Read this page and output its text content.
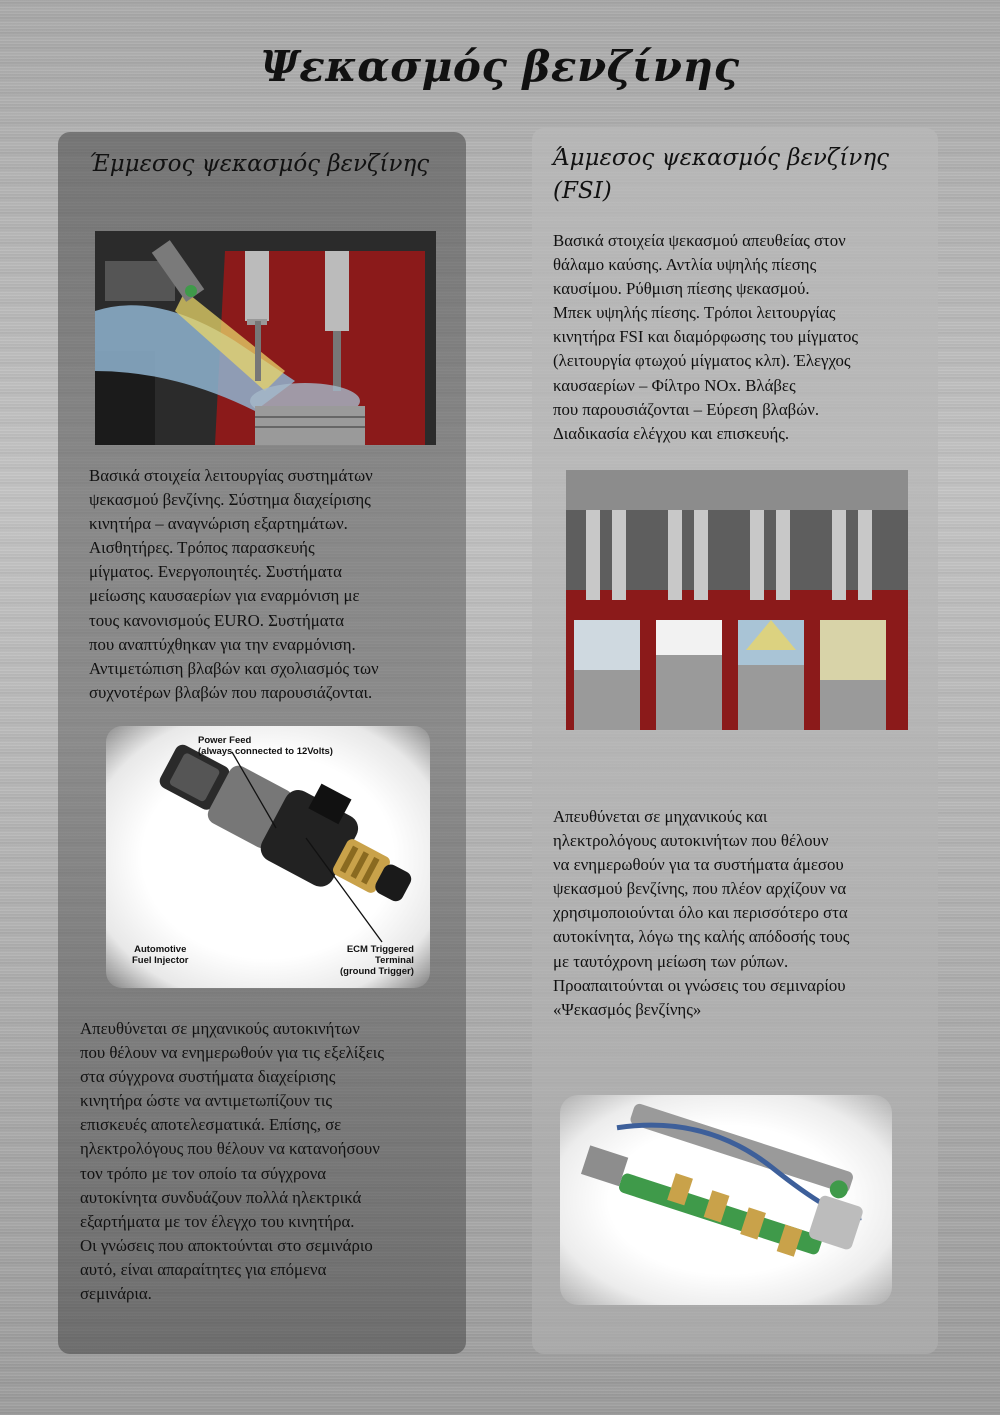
Ψεκασμός βενζίνης
Έμμεσος ψεκασμός βενζίνης

Βασικά στοιχεία λειτουργίας συστημάτων
ψεκασμού βενζίνης. Σύστημα διαχείρισης
κινητήρα – αναγνώριση εξαρτημάτων.
Αισθητήρες. Τρόπος παρασκευής
μίγματος. Ενεργοποιητές. Συστήματα
μείωσης καυσαερίων για εναρμόνιση με
τους κανονισμούς EURO. Συστήματα
που αναπτύχθηκαν για την εναρμόνιση.
Αντιμετώπιση βλαβών και σχολιασμός των
συχνοτέρων βλαβών που παρουσιάζονται.

Power Feed
(always connected to 12Volts)

Automotive
Fuel Injector

ECM Triggered
Terminal
(ground Trigger)

Απευθύνεται σε μηχανικούς αυτοκινήτων
που θέλουν να ενημερωθούν για τις εξελίξεις
στα σύγχρονα συστήματα διαχείρισης
κινητήρα ώστε να αντιμετωπίζουν τις
επισκευές αποτελεσματικά. Επίσης, σε
ηλεκτρολόγους που θέλουν να κατανοήσουν
τον τρόπο με τον οποίο τα σύγχρονα
αυτοκίνητα συνδυάζουν πολλά ηλεκτρικά
εξαρτήματα με τον έλεγχο του κινητήρα.
Οι γνώσεις που αποκτούνται στο σεμινάριο
αυτό, είναι απαραίτητες για επόμενα
σεμινάρια.

Άμμεσος ψεκασμός βενζίνης
(FSI)

Βασικά στοιχεία ψεκασμού απευθείας στον
θάλαμο καύσης. Αντλία υψηλής πίεσης
καυσίμου. Ρύθμιση πίεσης ψεκασμού.
Μπεκ υψηλής πίεσης. Τρόποι λειτουργίας
κινητήρα FSI και διαμόρφωσης του μίγματος
(λειτουργία φτωχού μίγματος κλπ). Έλεγχος
καυσαερίων – Φίλτρο NOx. Βλάβες
που παρουσιάζονται – Εύρεση βλαβών.
Διαδικασία ελέγχου και επισκευής.

Απευθύνεται σε μηχανικούς και
ηλεκτρολόγους αυτοκινήτων που θέλουν
να ενημερωθούν για τα συστήματα άμεσου
ψεκασμού βενζίνης, που πλέον αρχίζουν να
χρησιμοποιούνται όλο και περισσότερο στα
αυτοκίνητα, λόγω της καλής απόδοσής τους
με ταυτόχρονη μείωση των ρύπων.
Προαπαιτούνται οι γνώσεις του σεμιναρίου
«Ψεκασμός βενζίνης»
